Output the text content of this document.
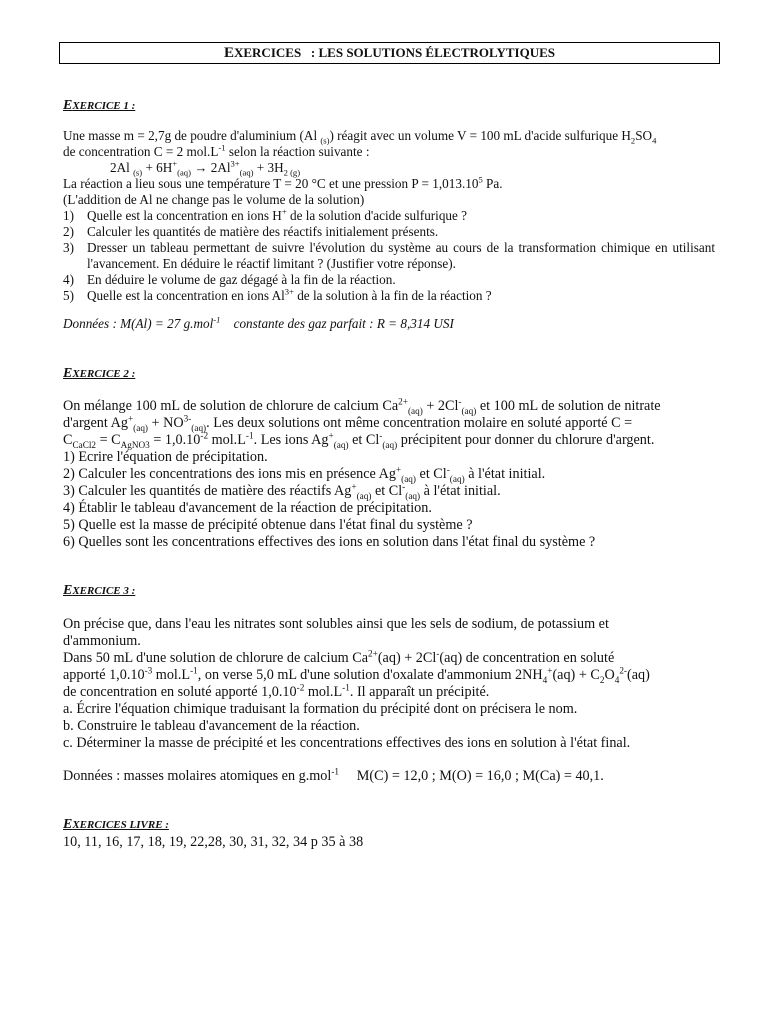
EXERCICES   : LES SOLUTIONS ÉLECTROLYTIQUES
EXERCICE 1 :
Une masse m = 2,7g de poudre d'aluminium (Al $_{(s)}$) réagit avec un volume V = 100 mL d'acide sulfurique $H_2SO_4$
de concentration C = 2 $mol.L^{-1}$ selon la réaction suivante :
2Al $_{(s)} + 6H^+_{(aq)} \to 2Al^{3+}_{(aq)} + 3H_2$ $_{(g)}$
La réaction a lieu sous une température T = 20 °C et une pression $P = 1,013.10^5$ Pa.
(L'addition de Al ne change pas le volume de la solution)
1) Quelle est la concentration en ions H+ de la solution d'acide sulfurique ?
2) Calculer les quantités de matière des réactifs initialement présents.
3) Dresser un tableau permettant de suivre l'évolution du système au cours de la transformation chimique en utilisant l'avancement. En déduire le réactif limitant ? (Justifier votre réponse).
4) En déduire le volume de gaz dégagé à la fin de la réaction.
5) Quelle est la concentration en ions $Al^{3+}$ de la solution à la fin de la réaction ?
Données : M(Al) = 27 g.mol$^{-1}$    constante des gaz parfait : R = 8,314 USI
EXERCICE 2 :
On mélange 100 mL de solution de chlorure de calcium $Ca^{2+}_{(aq)} + 2Cl^-_{(aq)}$ et 100 mL de solution de nitrate
d'argent $Ag^+_{(aq)} + NO^{3-}_{(aq)}$. Les deux solutions ont même concentration molaire en soluté apporté C =
$C_{CaCl2} = C_{AgNO3} = 1,0.10^{-2}$ $mol.L^{-1}$. Les ions $Ag^+_{(aq)}$ et $Cl^-_{(aq)}$ précipitent pour donner du chlorure d'argent.
1) Ecrire l'équation de précipitation.
2) Calculer les concentrations des ions mis en présence $Ag^+_{(aq)}$ et $Cl^-_{(aq)}$ à l'état initial.
3) Calculer les quantités de matière des réactifs $Ag^+_{(aq)}$ et $Cl^-_{(aq)}$ à l'état initial.
4) Établir le tableau d'avancement de la réaction de précipitation.
5) Quelle est la masse de précipité obtenue dans l'état final du système ?
6) Quelles sont les concentrations effectives des ions en solution dans l'état final du système ?
EXERCICE 3 :
On précise que, dans l'eau les nitrates sont solubles ainsi que les sels de sodium, de potassium et
d'ammonium.
Dans 50 mL d'une solution de chlorure de calcium $Ca^{2+}(aq) + 2Cl^-(aq)$ de concentration en soluté
apporté $1,0.10^{-3}$ $mol.L^{-1}$, on verse 5,0 mL d'une solution d'oxalate d'ammonium $2NH_4^+(aq) + C_2O_4^{2-}(aq)$
de concentration en soluté apporté $1,0.10^{-2}$ $mol.L^{-1}$. Il apparaît un précipité.
a. Écrire l'équation chimique traduisant la formation du précipité dont on précisera le nom.
b. Construire le tableau d'avancement de la réaction.
c. Déterminer la masse de précipité et les concentrations effectives des ions en solution à l'état final.
Données : masses molaires atomiques en g.mol$^{-1}$     M(C) = 12,0 ; M(O) = 16,0 ; M(Ca) = 40,1.
EXERCICES LIVRE :
10, 11, 16, 17, 18, 19, 22,28, 30, 31, 32, 34 p 35 à 38
